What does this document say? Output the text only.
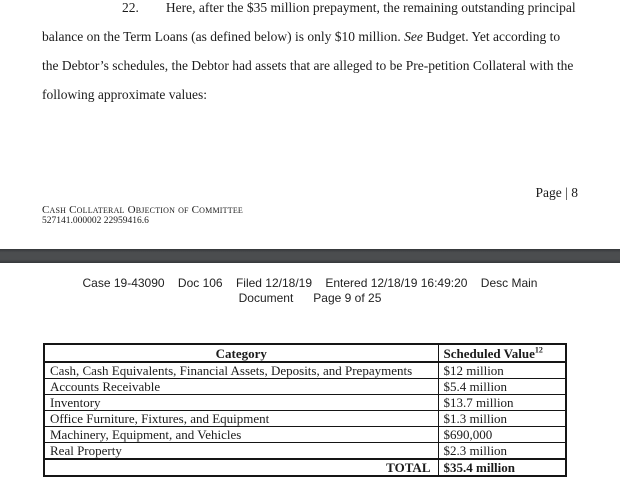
22. Here, after the $35 million prepayment, the remaining outstanding principal
balance on the Term Loans (as defined below) is only $10 million. See Budget. Yet according to
the Debtor’s schedules, the Debtor had assets that are alleged to be Pre-petition Collateral with the
following approximate values:
Page | 8
Cash Collateral Objection of Committee
527141.000002 22959416.6
Case 19-43090    Doc 106    Filed 12/18/19    Entered 12/18/19 16:49:20    Desc Main
Document      Page 9 of 25
Category	Scheduled Value$^{12}$
Cash, Cash Equivalents, Financial Assets, Deposits, and Prepayments	$12 million
Accounts Receivable	$5.4 million
Inventory	$13.7 million
Office Furniture, Fixtures, and Equipment	$1.3 million
Machinery, Equipment, and Vehicles	$690,000
Real Property	$2.3 million
TOTAL	$35.4 million
